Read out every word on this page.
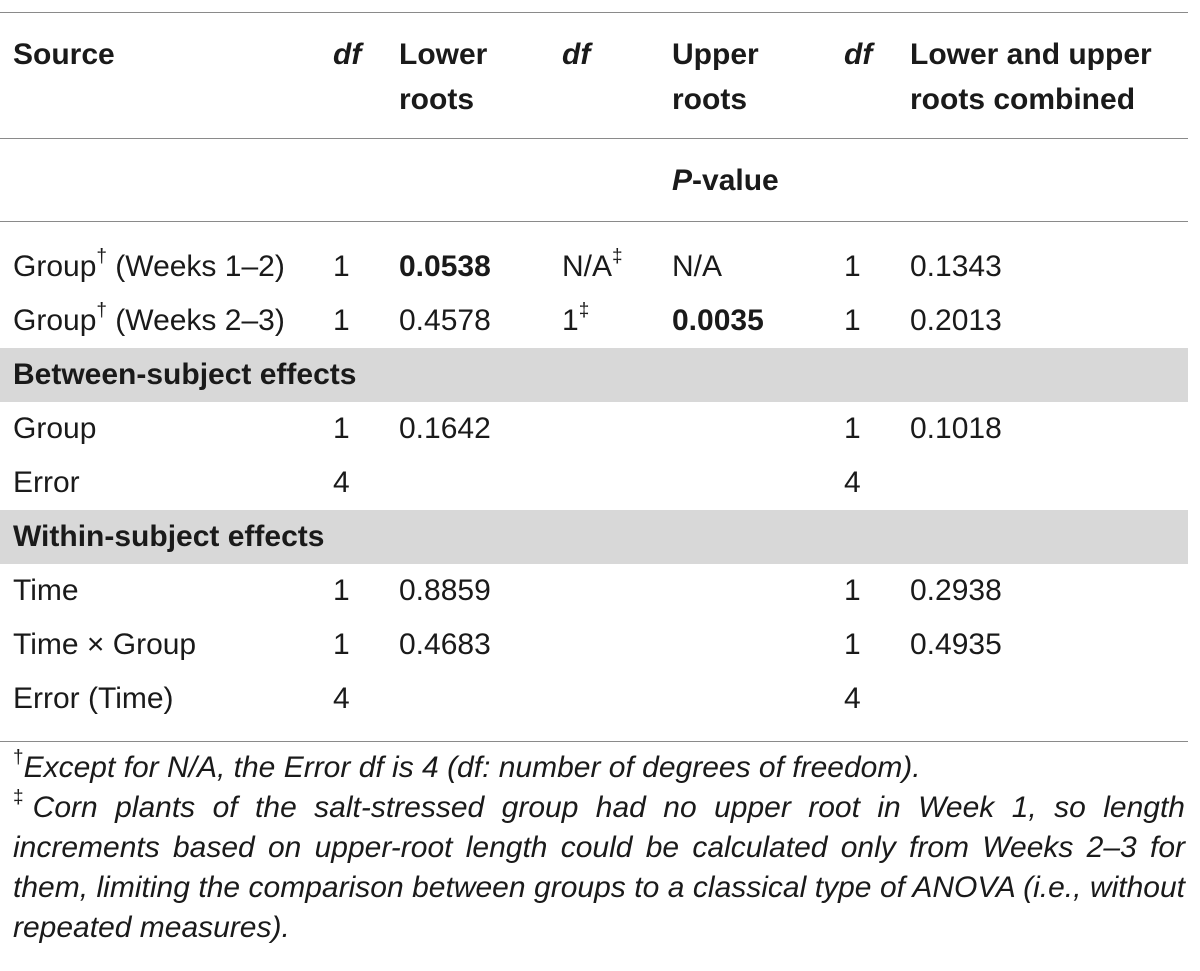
Source	df	Lower roots	df	Upper roots	df	Lower and upper roots combined
				P-value		
Group† (Weeks 1–2)	1	0.0538	N/A‡	N/A	1	0.1343
Group† (Weeks 2–3)	1	0.4578	1‡	0.0035	1	0.2013
Between-subject effects						
Group	1	0.1642			1	0.1018
Error	4				4	
Within-subject effects						
Time	1	0.8859			1	0.2938
Time × Group	1	0.4683			1	0.4935
Error (Time)	4				4	

†Except for N/A, the Error df is 4 (df: number of degrees of freedom).

‡Corn plants of the salt-stressed group had no upper root in Week 1, so length increments based on upper-root length could be calculated only from Weeks 2–3 for them, limiting the comparison between groups to a classical type of ANOVA (i.e., without repeated measures).
